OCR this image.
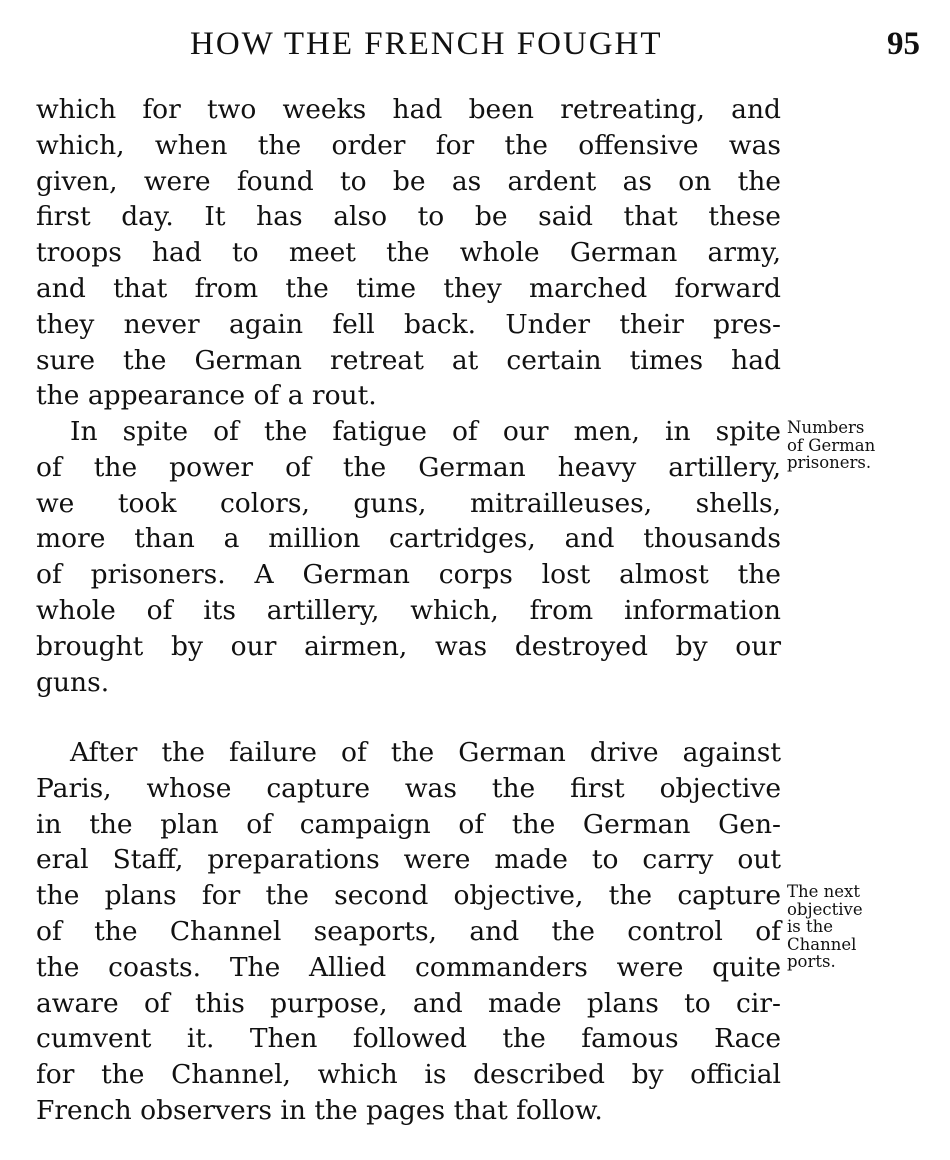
HOW THE FRENCH FOUGHT	95
which for two weeks had been retreating, and
which, when the order for the offensive was
given, were found to be as ardent as on the
first day. It has also to be said that these
troops had to meet the whole German army,
and that from the time they marched forward
they never again fell back. Under their pres-
sure the German retreat at certain times had
the appearance of a rout.
In spite of the fatigue of our men, in spite
of the power of the German heavy artillery,
we took colors, guns, mitrailleuses, shells,
more than a million cartridges, and thousands
of prisoners. A German corps lost almost the
whole of its artillery, which, from information
brought by our airmen, was destroyed by our
guns.
Numbers
of German
prisoners.
After the failure of the German drive against
Paris, whose capture was the first objective
in the plan of campaign of the German Gen-
eral Staff, preparations were made to carry out
the plans for the second objective, the capture
of the Channel seaports, and the control of
the coasts. The Allied commanders were quite
aware of this purpose, and made plans to cir-
cumvent it. Then followed the famous Race
for the Channel, which is described by official
French observers in the pages that follow.
The next
objective
is the
Channel
ports.
